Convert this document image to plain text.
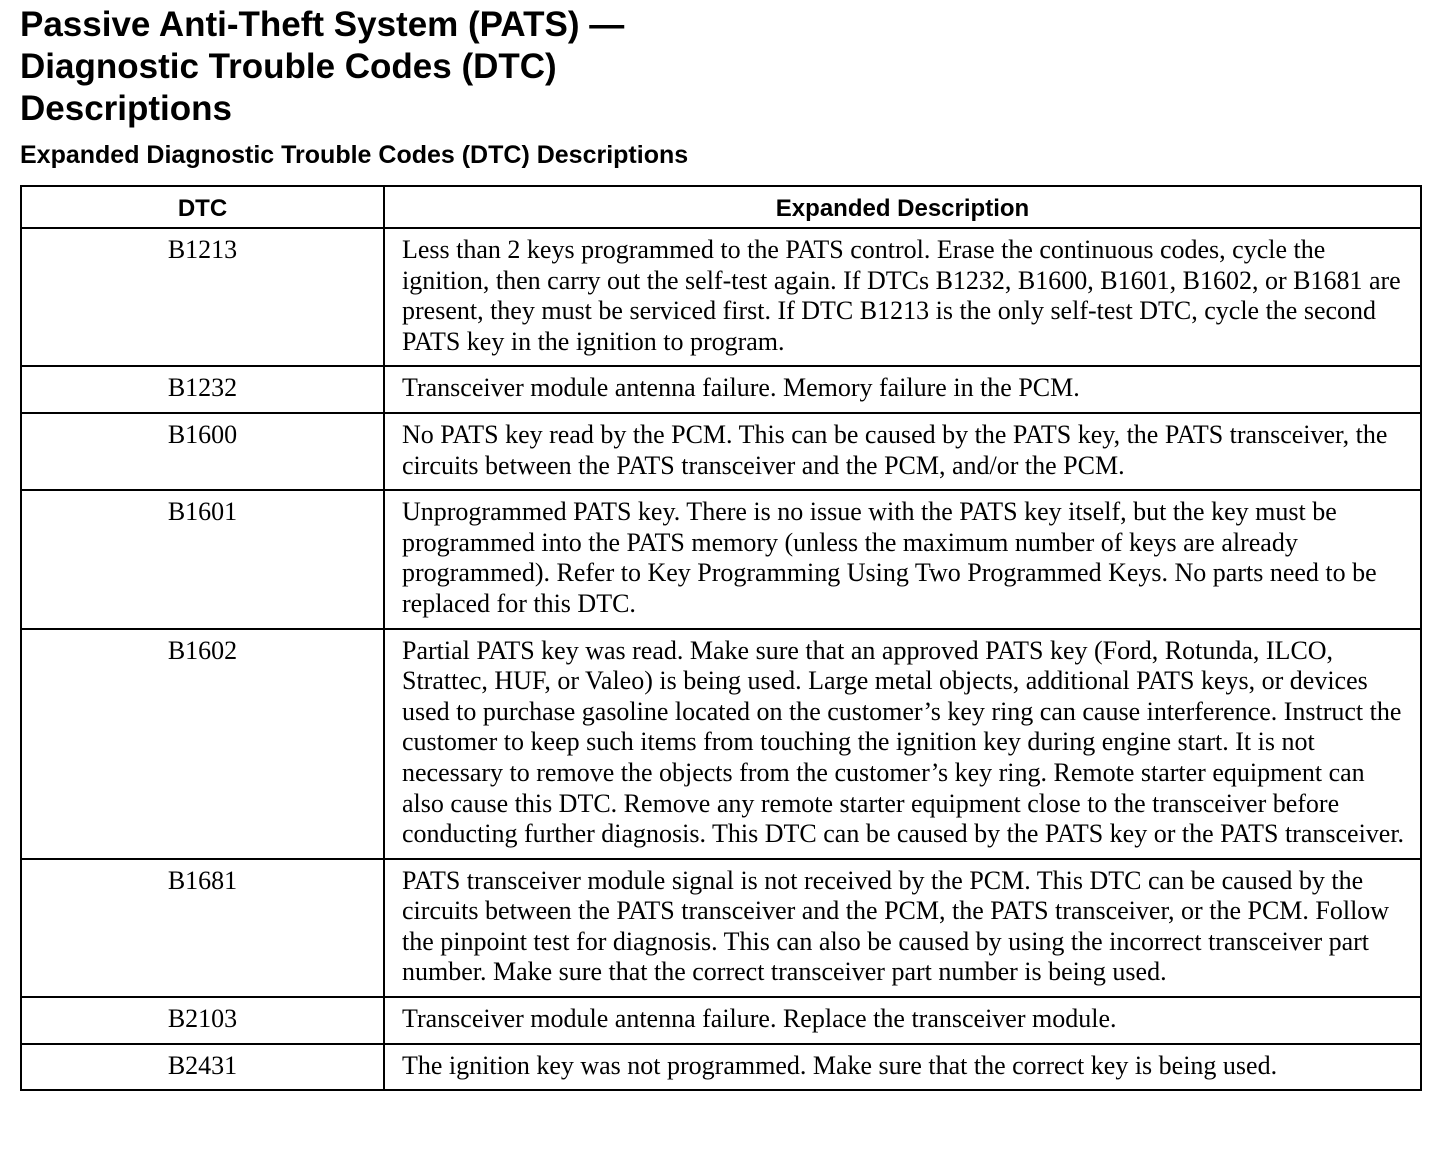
Passive Anti-Theft System (PATS) —
Diagnostic Trouble Codes (DTC)
Descriptions
Expanded Diagnostic Trouble Codes (DTC) Descriptions
DTC	Expanded Description
B1213	Less than 2 keys programmed to the PATS control. Erase the continuous codes, cycle the ignition, then carry out the self-test again. If DTCs B1232, B1600, B1601, B1602, or B1681 are present, they must be serviced first. If DTC B1213 is the only self-test DTC, cycle the second PATS key in the ignition to program.
B1232	Transceiver module antenna failure. Memory failure in the PCM.
B1600	No PATS key read by the PCM. This can be caused by the PATS key, the PATS transceiver, the circuits between the PATS transceiver and the PCM, and/or the PCM.
B1601	Unprogrammed PATS key. There is no issue with the PATS key itself, but the key must be programmed into the PATS memory (unless the maximum number of keys are already programmed). Refer to Key Programming Using Two Programmed Keys. No parts need to be replaced for this DTC.
B1602	Partial PATS key was read. Make sure that an approved PATS key (Ford, Rotunda, ILCO, Strattec, HUF, or Valeo) is being used. Large metal objects, additional PATS keys, or devices used to purchase gasoline located on the customer’s key ring can cause interference. Instruct the customer to keep such items from touching the ignition key during engine start. It is not necessary to remove the objects from the customer’s key ring. Remote starter equipment can also cause this DTC. Remove any remote starter equipment close to the transceiver before conducting further diagnosis. This DTC can be caused by the PATS key or the PATS transceiver.
B1681	PATS transceiver module signal is not received by the PCM. This DTC can be caused by the circuits between the PATS transceiver and the PCM, the PATS transceiver, or the PCM. Follow the pinpoint test for diagnosis. This can also be caused by using the incorrect transceiver part number. Make sure that the correct transceiver part number is being used.
B2103	Transceiver module antenna failure. Replace the transceiver module.
B2431	The ignition key was not programmed. Make sure that the correct key is being used.
